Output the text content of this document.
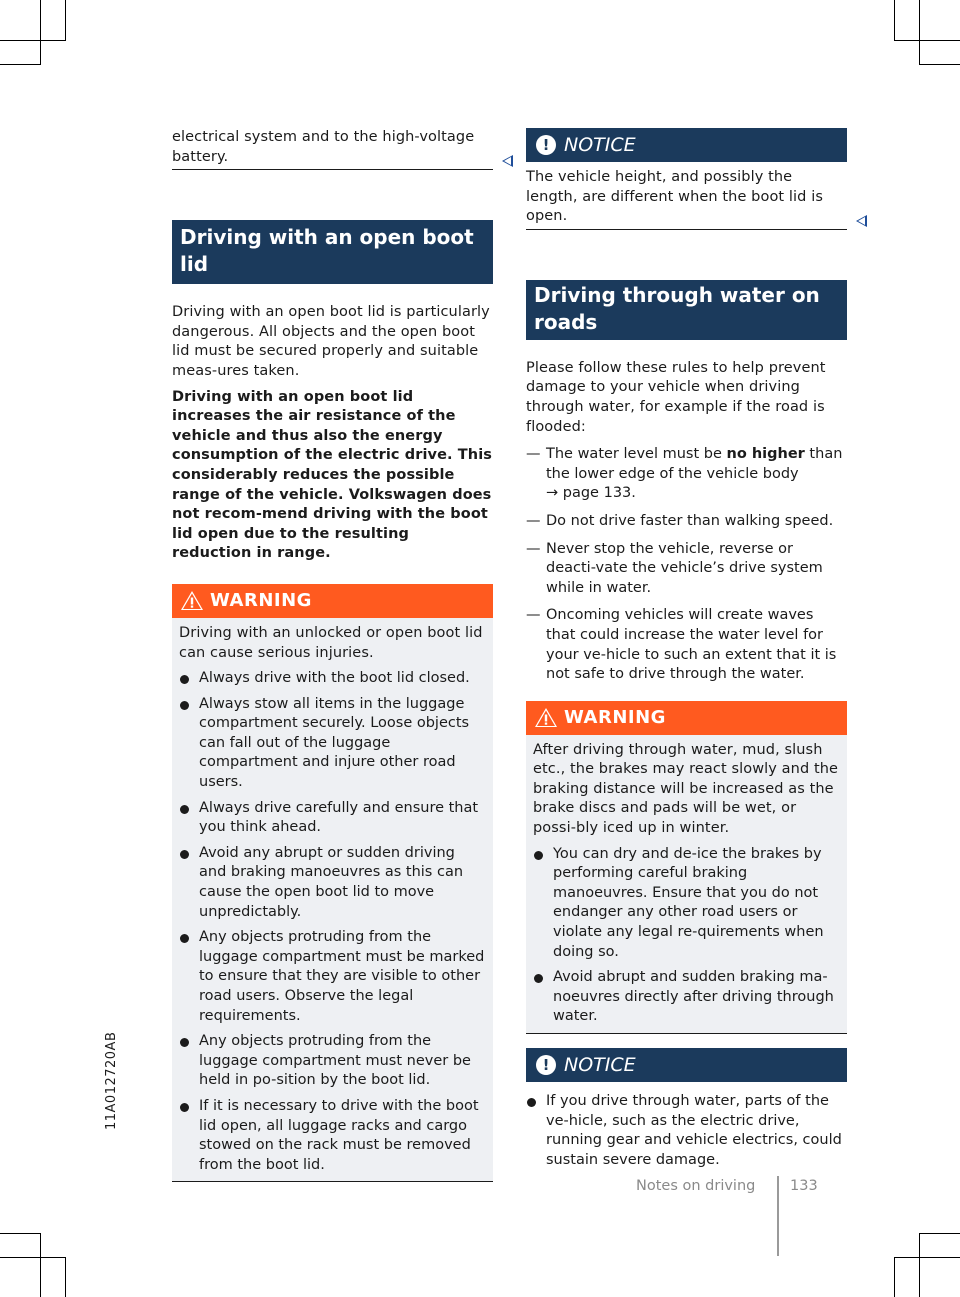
electrical system and to the high-voltage battery.

Driving with an open boot lid

Driving with an open boot lid is particularly dangerous. All objects and the open boot lid must be secured properly and suitable meas-ures taken.

Driving with an open boot lid increases the air resistance of the vehicle and thus also the energy consumption of the electric drive. This considerably reduces the possible range of the vehicle. Volkswagen does not recom-mend driving with the boot lid open due to the resulting reduction in range.

WARNING

Driving with an unlocked or open boot lid can cause serious injuries.

Always drive with the boot lid closed.
Always stow all items in the luggage compartment securely. Loose objects can fall out of the luggage compartment and injure other road users.
Always drive carefully and ensure that you think ahead.
Avoid any abrupt or sudden driving and braking manoeuvres as this can cause the open boot lid to move unpredictably.
Any objects protruding from the luggage compartment must be marked to ensure that they are visible to other road users. Observe the legal requirements.
Any objects protruding from the luggage compartment must never be held in po-sition by the boot lid.
If it is necessary to drive with the boot lid open, all luggage racks and cargo stowed on the rack must be removed from the boot lid.
! NOTICE

The vehicle height, and possibly the length, are different when the boot lid is open.

Driving through water on roads

Please follow these rules to help prevent damage to your vehicle when driving through water, for example if the road is flooded:

— The water level must be no higher than the lower edge of the vehicle body
→ page 133.
— Do not drive faster than walking speed.
— Never stop the vehicle, reverse or deacti-vate the vehicle’s drive system while in water.
— Oncoming vehicles will create waves that could increase the water level for your ve-hicle to such an extent that it is not safe to drive through the water.
WARNING

After driving through water, mud, slush etc., the brakes may react slowly and the braking distance will be increased as the brake discs and pads will be wet, or possi-bly iced up in winter.

You can dry and de-ice the brakes by performing careful braking manoeuvres. Ensure that you do not endanger any other road users or violate any legal re-quirements when doing so.
Avoid abrupt and sudden braking ma-noeuvres directly after driving through water.
! NOTICE
If you drive through water, parts of the ve-hicle, such as the electric drive, running gear and vehicle electrics, could sustain severe damage.
11A012720AB
Notes on driving 133
